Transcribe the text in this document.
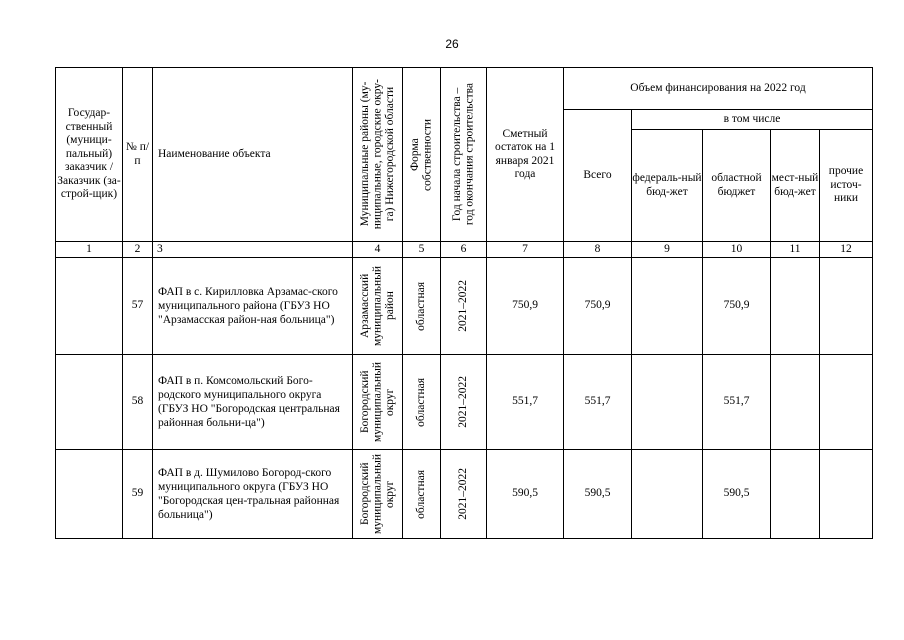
26
Государ-ственный (муници-пальный) заказчик / Заказчик (за-строй-щик)	№ п/п	Наименование объекта	Муниципальные районы (му-
ниципальные, городские окру-
га) Нижегородской области	Форма
собственности	Год начала строительства –
год окончания строительства	Сметный остаток на 1 января 2021 года	Объем финансирования на 2022 год				
							Всего	в том числе			
								федераль-ный бюд-жет	областной бюджет	мест-ный бюд-жет	прочие источ-ники
1	2	3	4	5	6	7	8	9	10	11	12
	57	ФАП в с. Кирилловка Арзамас-ского муниципального района (ГБУЗ НО "Арзамасская район-ная больница")	Арзамасский
муниципальный
район	областная	2021–2022	750,9	750,9		750,9		
	58	ФАП в п. Комсомольский Бого-родского муниципального округа (ГБУЗ НО "Богородская центральная районная больни-ца")	Богородский
муниципальный
округ	областная	2021–2022	551,7	551,7		551,7		
	59	ФАП в д. Шумилово Богород-ского муниципального округа (ГБУЗ НО "Богородская цен-тральная районная больница")	Богородский
муниципальный
округ	областная	2021–2022	590,5	590,5		590,5		
